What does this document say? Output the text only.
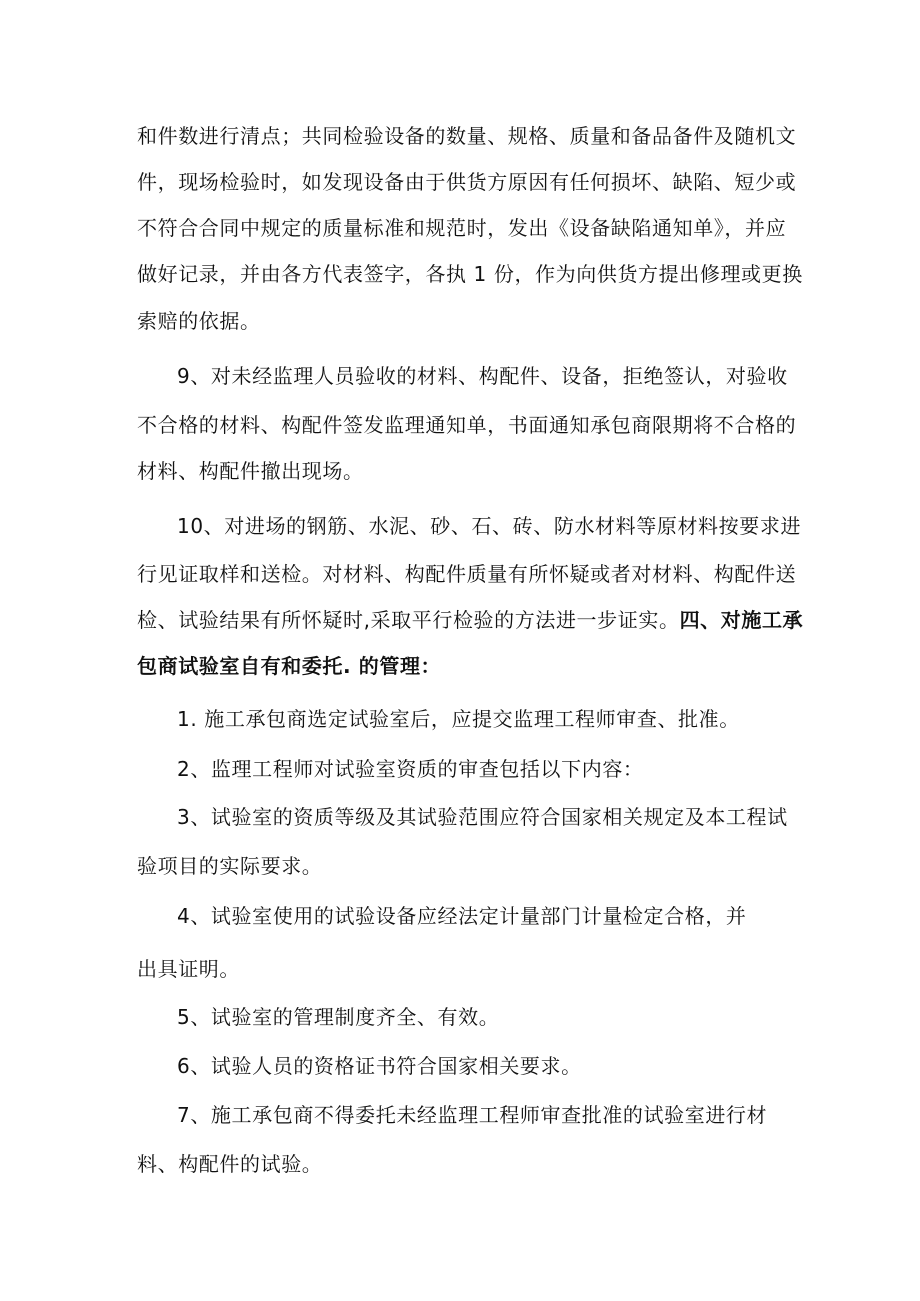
和件数进行清点；共同检验设备的数量、规格、质量和备品备件及随机文
件，现场检验时，如发现设备由于供货方原因有任何损坏、缺陷、短少或
不符合合同中规定的质量标准和规范时，发出《设备缺陷通知单》，并应
做好记录，并由各方代表签字，各执 1 份，作为向供货方提出修理或更换
索赔的依据。
9、对未经监理人员验收的材料、构配件、设备，拒绝签认，对验收
不合格的材料、构配件签发监理通知单，书面通知承包商限期将不合格的
材料、构配件撤出现场。
10、对进场的钢筋、水泥、砂、石、砖、防水材料等原材料按要求进
行见证取样和送检。对材料、构配件质量有所怀疑或者对材料、构配件送
检、试验结果有所怀疑时,采取平行检验的方法进一步证实。四、对施工承
包商试验室自有和委托. 的管理：
1. 施工承包商选定试验室后，应提交监理工程师审查、批准。
2、监理工程师对试验室资质的审查包括以下内容：
3、试验室的资质等级及其试验范围应符合国家相关规定及本工程试
验项目的实际要求。
4、试验室使用的试验设备应经法定计量部门计量检定合格，并
出具证明。
5、试验室的管理制度齐全、有效。
6、试验人员的资格证书符合国家相关要求。
7、施工承包商不得委托未经监理工程师审查批准的试验室进行材
料、构配件的试验。
